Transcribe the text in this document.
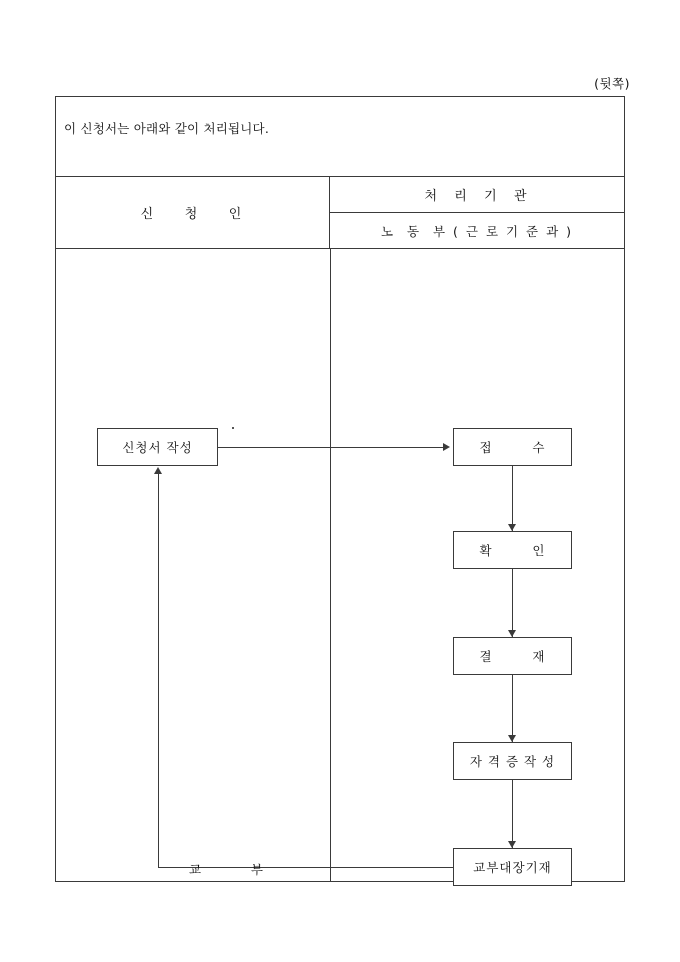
(뒷쪽)
이 신청서는 아래와 같이 처리됩니다.
신    청    인
처  리  기  관
노  동  부 ( 근 로 기 준 과 )
신청서 작성	접        수
확        인
결        재
자 격 증 작 성
교부대장기재
교        부
